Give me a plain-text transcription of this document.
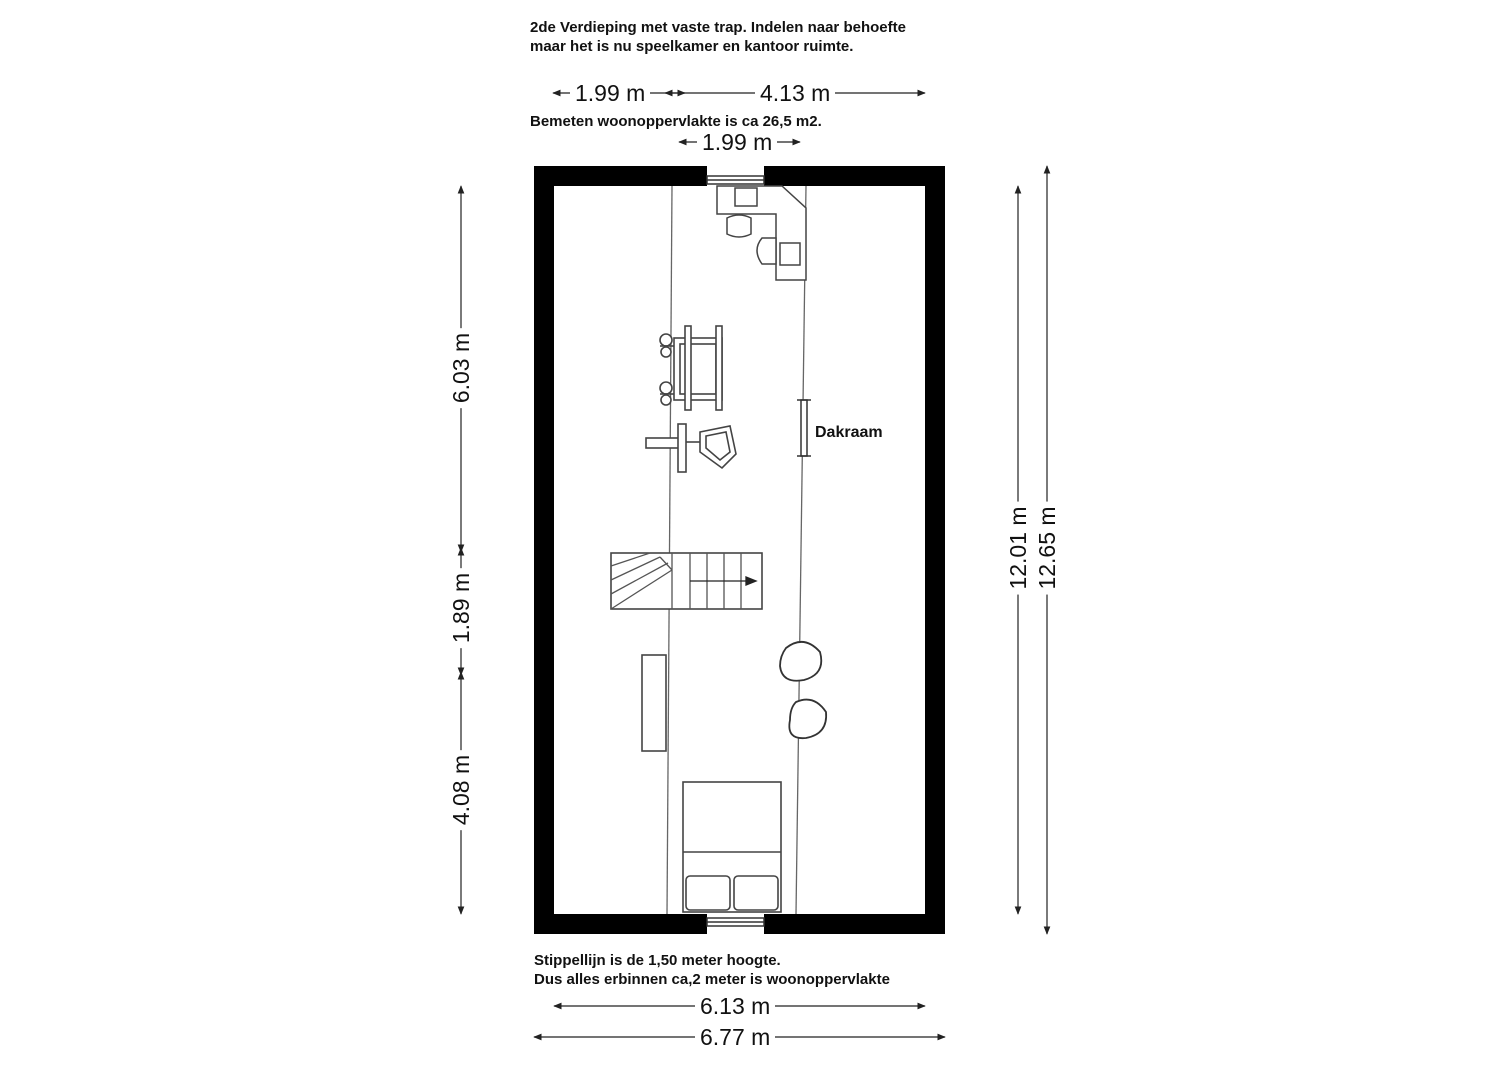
2de Verdieping met vaste trap. Indelen naar behoefte
maar het is nu speelkamer en kantoor ruimte.
Bemeten woonoppervlakte is ca 26,5 m2.
Stippellijn is de 1,50 meter hoogte.
Dus alles erbinnen ca,2 meter is woonoppervlakte
1.99 m	4.13 m
1.99 m
6.13 m
6.77 m
6.03 m
1.89 m
4.08 m
12.01 m 12.65 m
Dakraam
